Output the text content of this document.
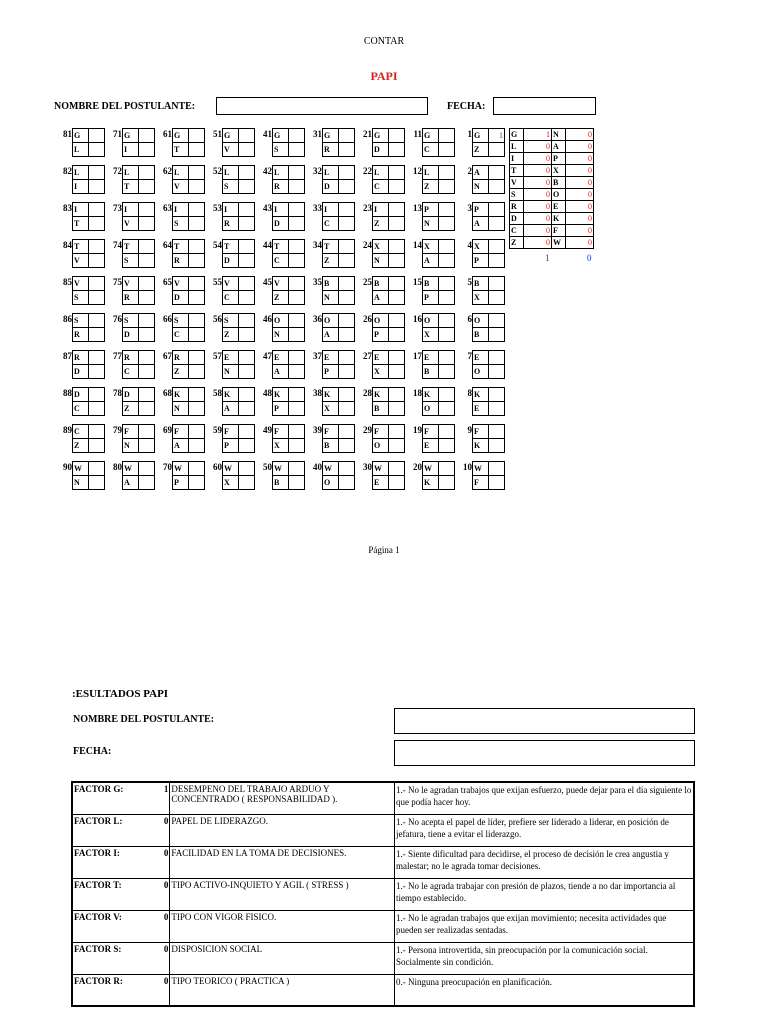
CONTAR
PAPI
NOMBRE DEL POSTULANTE:	FECHA:
81 G	
L	
71 G	
I	
61 G	
T	
51 G	
V	
41 G	
S	
31 G	
R	
21 G	
D	
11 G	
C	
1 G	1
Z	
82 L	
I	
72 L	
T	
62 L	
V	
52 L	
S	
42 L	
R	
32 L	
D	
22 L	
C	
12 L	
Z	
2 A	
N	
83 I	
T	
73 I	
V	
63 I	
S	
53 I	
R	
43 I	
D	
33 I	
C	
23 I	
Z	
13 P	
N	
3 P	
A	
84 T	
V	
74 T	
S	
64 T	
R	
54 T	
D	
44 T	
C	
34 T	
Z	
24 X	
N	
14 X	
A	
4 X	
P	
85 V	
S	
75 V	
R	
65 V	
D	
55 V	
C	
45 V	
Z	
35 B	
N	
25 B	
A	
15 B	
P	
5 B	
X	
86 S	
R	
76 S	
D	
66 S	
C	
56 S	
Z	
46 O	
N	
36 O	
A	
26 O	
P	
16 O	
X	
6 O	
B	
87 R	
D	
77 R	
C	
67 R	
Z	
57 E	
N	
47 E	
A	
37 E	
P	
27 E	
X	
17 E	
B	
7 E	
O	
88 D	
C	
78 D	
Z	
68 K	
N	
58 K	
A	
48 K	
P	
38 K	
X	
28 K	
B	
18 K	
O	
8 K	
E	
89 C	
Z	
79 F	
N	
69 F	
A	
59 F	
P	
49 F	
X	
39 F	
B	
29 F	
O	
19 F	
E	
9 F	
K	
90 W	
N	
80 W	
A	
70 W	
P	
60 W	
X	
50 W	
B	
40 W	
O	
30 W	
E	
20 W	
K	
10 W	
F	
G	1	N	0
L	0	A	0
I	0	P	0
T	0	X	0
V	0	B	0
S	0	O	0
R	0	E	0
D	0	K	0
C	0	F	0
Z	0	W	0
1	0
Página 1
:ESULTADOS PAPI
NOMBRE DEL POSTULANTE:
FECHA:
FACTOR G:	1	DESEMPENO DEL TRABAJO ARDUO Y CONCENTRADO ( RESPONSABILIDAD ).	1.- No le agradan trabajos que exijan esfuerzo, puede dejar para el día siguiente lo que podía hacer hoy.
FACTOR L:	0	PAPEL DE LIDERAZGO.	1.- No acepta el papel de líder, prefiere ser liderado a liderar, en posición de jefatura, tiene a evitar el liderazgo.
FACTOR I:	0	FACILIDAD EN LA TOMA DE DECISIONES.	1.- Siente dificultad para decidirse, el proceso de decisión le crea angustia y malestar; no le agrada tomar decisiones.
FACTOR T:	0	TIPO ACTIVO-INQUIETO Y AGIL ( STRESS )	1.- No le agrada trabajar con presión de plazos, tiende a no dar importancia al tiempo establecido.
FACTOR V:	0	TIPO CON VIGOR FISICO.	1.- No le agradan trabajos que exijan movimiento; necesita actividades que pueden ser realizadas sentadas.
FACTOR S:	0	DISPOSICION SOCIAL	1.- Persona introvertida, sin preocupación por la comunicación social. Socialmente sin condición.
FACTOR R:	0	TIPO TEORICO ( PRACTICA )	0.- Ninguna preocupación en planificación.
